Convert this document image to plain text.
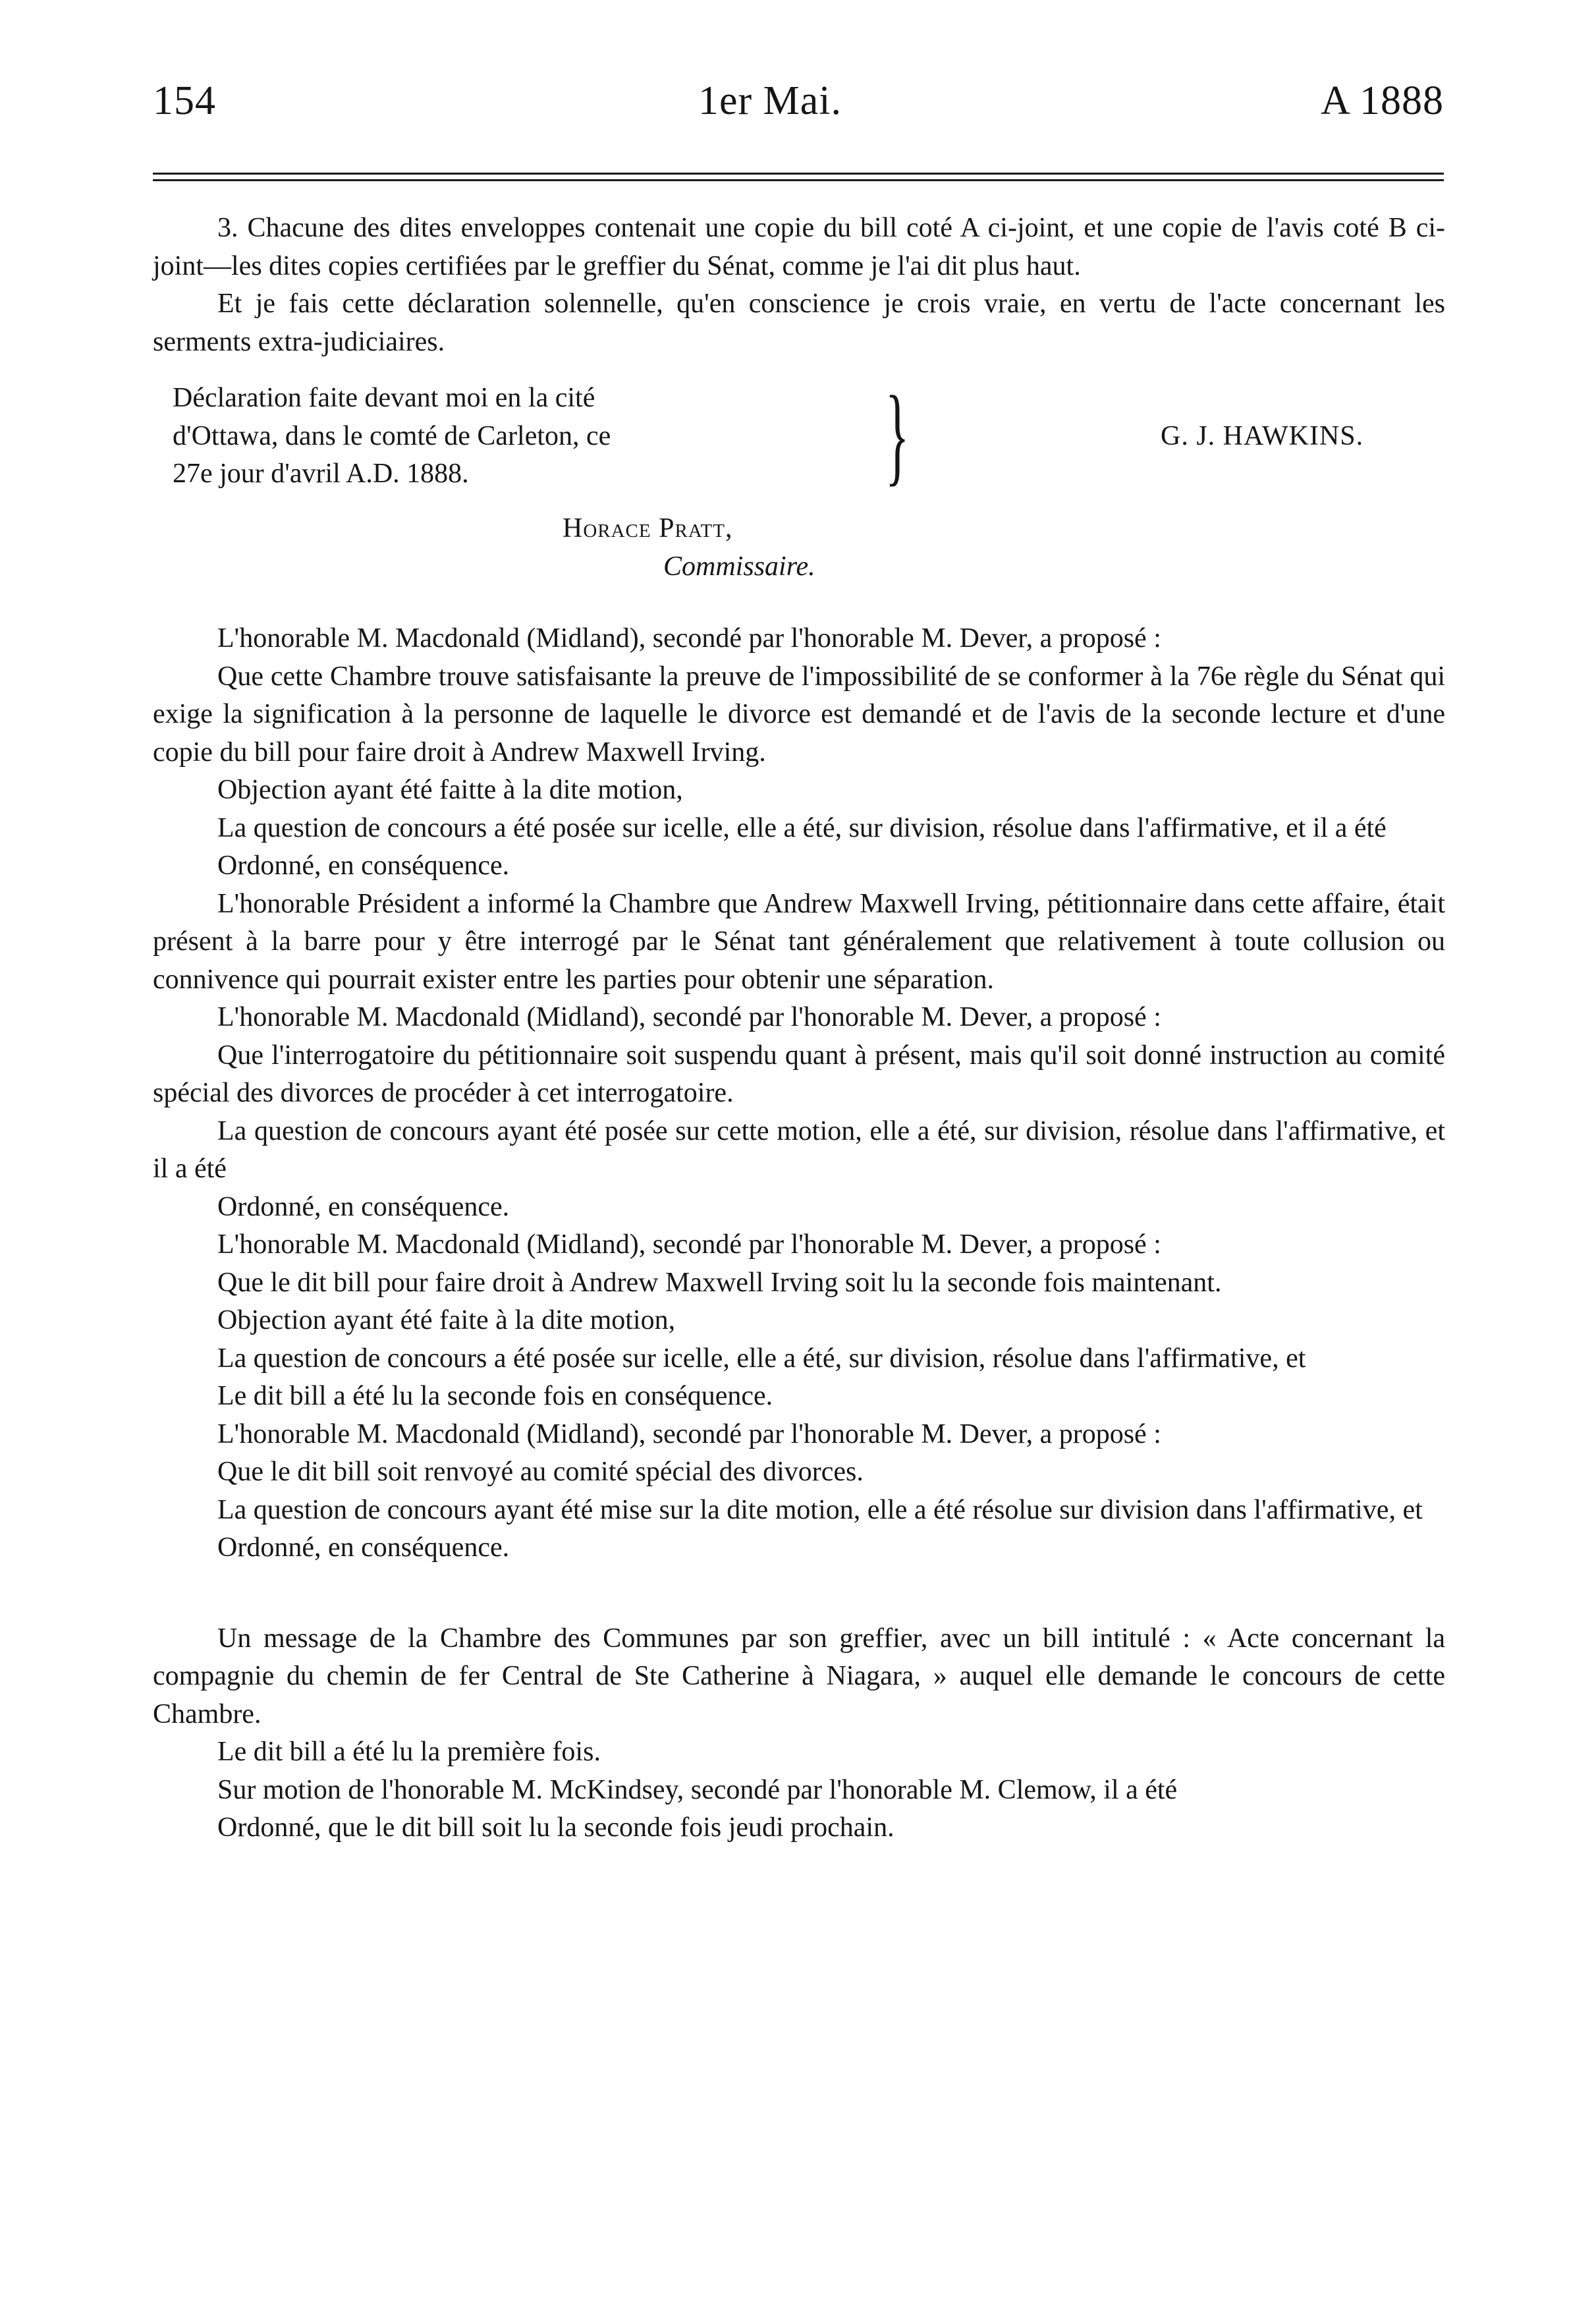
154	1er Mai.	A 1888

3. Chacune des dites enveloppes contenait une copie du bill coté A ci-joint, et une copie de l'avis coté B ci-joint—les dites copies certifiées par le greffier du Sénat, comme je l'ai dit plus haut.

Et je fais cette déclaration solennelle, qu'en conscience je crois vraie, en vertu de l'acte concernant les serments extra-judiciaires.

Déclaration faite devant moi en la cité
d'Ottawa, dans le comté de Carleton, ce
27e jour d'avril A.D. 1888.	}	G. J. HAWKINS.
Horace Pratt,
Commissaire.

L'honorable M. Macdonald (Midland), secondé par l'honorable M. Dever, a proposé :

Que cette Chambre trouve satisfaisante la preuve de l'impossibilité de se conformer à la 76e règle du Sénat qui exige la signification à la personne de laquelle le divorce est demandé et de l'avis de la seconde lecture et d'une copie du bill pour faire droit à Andrew Maxwell Irving.

Objection ayant été faitte à la dite motion,

La question de concours a été posée sur icelle, elle a été, sur division, résolue dans l'affirmative, et il a été

Ordonné, en conséquence.

L'honorable Président a informé la Chambre que Andrew Maxwell Irving, pétitionnaire dans cette affaire, était présent à la barre pour y être interrogé par le Sénat tant généralement que relativement à toute collusion ou connivence qui pourrait exister entre les parties pour obtenir une séparation.

L'honorable M. Macdonald (Midland), secondé par l'honorable M. Dever, a proposé :

Que l'interrogatoire du pétitionnaire soit suspendu quant à présent, mais qu'il soit donné instruction au comité spécial des divorces de procéder à cet interrogatoire.

La question de concours ayant été posée sur cette motion, elle a été, sur division, résolue dans l'affirmative, et il a été

Ordonné, en conséquence.

L'honorable M. Macdonald (Midland), secondé par l'honorable M. Dever, a proposé :

Que le dit bill pour faire droit à Andrew Maxwell Irving soit lu la seconde fois maintenant.

Objection ayant été faite à la dite motion,

La question de concours a été posée sur icelle, elle a été, sur division, résolue dans l'affirmative, et

Le dit bill a été lu la seconde fois en conséquence.

L'honorable M. Macdonald (Midland), secondé par l'honorable M. Dever, a proposé :

Que le dit bill soit renvoyé au comité spécial des divorces.

La question de concours ayant été mise sur la dite motion, elle a été résolue sur division dans l'affirmative, et

Ordonné, en conséquence.

Un message de la Chambre des Communes par son greffier, avec un bill intitulé : « Acte concernant la compagnie du chemin de fer Central de Ste Catherine à Niagara, » auquel elle demande le concours de cette Chambre.

Le dit bill a été lu la première fois.

Sur motion de l'honorable M. McKindsey, secondé par l'honorable M. Clemow, il a été

Ordonné, que le dit bill soit lu la seconde fois jeudi prochain.
